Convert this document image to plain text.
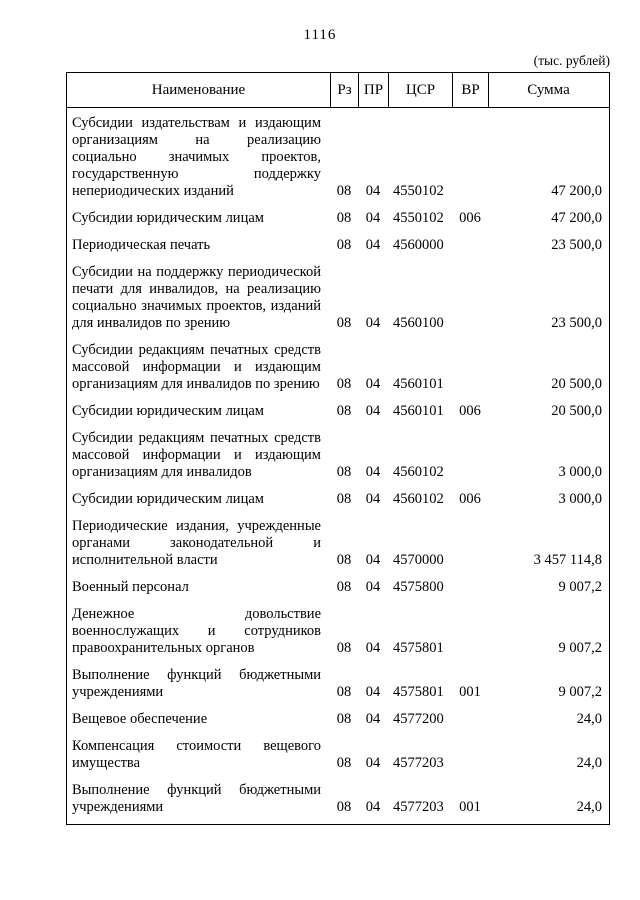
1116
(тыс. рублей)
Наименование	Рз ПР	ЦСР	ВР	Сумма
Субсидии издательствам и издающим организациям на реализацию социально значимых проектов, государственную поддержку непериодических изданий	08	04 4550102	47 200,0
Субсидии юридическим лицам	08	04 4550102	006	47 200,0
Периодическая печать	08	04 4560000	23 500,0
Субсидии на поддержку периодической печати для инвалидов, на реализацию социально значимых проектов, изданий для инвалидов по зрению	08	04 4560100	23 500,0
Субсидии редакциям печатных средств массовой информации и издающим организациям для инвалидов по зрению	08	04 4560101	20 500,0
Субсидии юридическим лицам	08	04 4560101	006	20 500,0
Субсидии редакциям печатных средств массовой информации и издающим организациям для инвалидов	08	04 4560102	3 000,0
Субсидии юридическим лицам	08	04 4560102	006	3 000,0
Периодические издания, учрежденные органами законодательной и исполнительной власти	08	04 4570000	3 457 114,8
Военный персонал	08	04 4575800	9 007,2
Денежное довольствие военнослужащих и сотрудников правоохранительных органов	08	04 4575801	9 007,2
Выполнение функций бюджетными учреждениями	08	04 4575801	001	9 007,2
Вещевое обеспечение	08	04 4577200	24,0
Компенсация стоимости вещевого имущества	08	04 4577203	24,0
Выполнение функций бюджетными учреждениями	08	04 4577203	001	24,0
